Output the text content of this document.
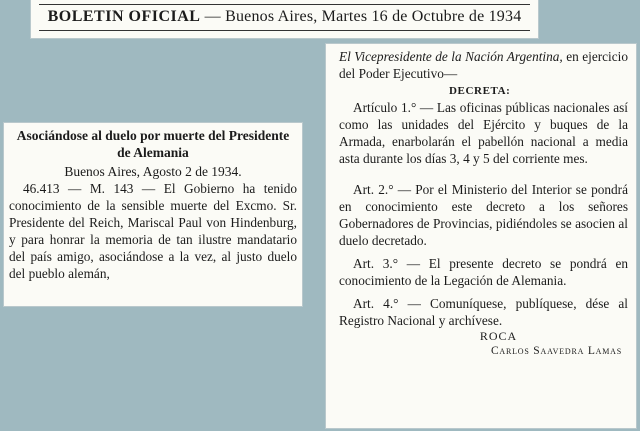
BOLETIN OFICIAL — Buenos Aires, Martes 16 de Octubre de 1934

Asociándose al duelo por muerte del Presidente de Alemania

Buenos Aires, Agosto 2 de 1934.

46.413 — M. 143 — El Gobierno ha tenido conocimiento de la sensible muerte del Excmo. Sr. Presidente del Reich, Mariscal Paul von Hindenburg, y para honrar la memoria de tan ilustre mandatario del país amigo, asociándose a la vez, al justo duelo del pueblo alemán,

El Vicepresidente de la Nación Argentina, en ejercicio del Poder Ejecutivo—

DECRETA:

Artículo 1.° — Las oficinas públicas nacionales así como las unidades del Ejército y buques de la Armada, enarbolarán el pabellón nacional a media asta durante los días 3, 4 y 5 del corriente mes.

Art. 2.° — Por el Ministerio del Interior se pondrá en conocimiento este decreto a los señores Gobernadores de Provincias, pidiéndoles se asocien al duelo decretado.

Art. 3.° — El presente decreto se pondrá en conocimiento de la Legación de Alemania.

Art. 4.° — Comuníquese, publíquese, dése al Registro Nacional y archívese.

ROCA

Carlos Saavedra Lamas
